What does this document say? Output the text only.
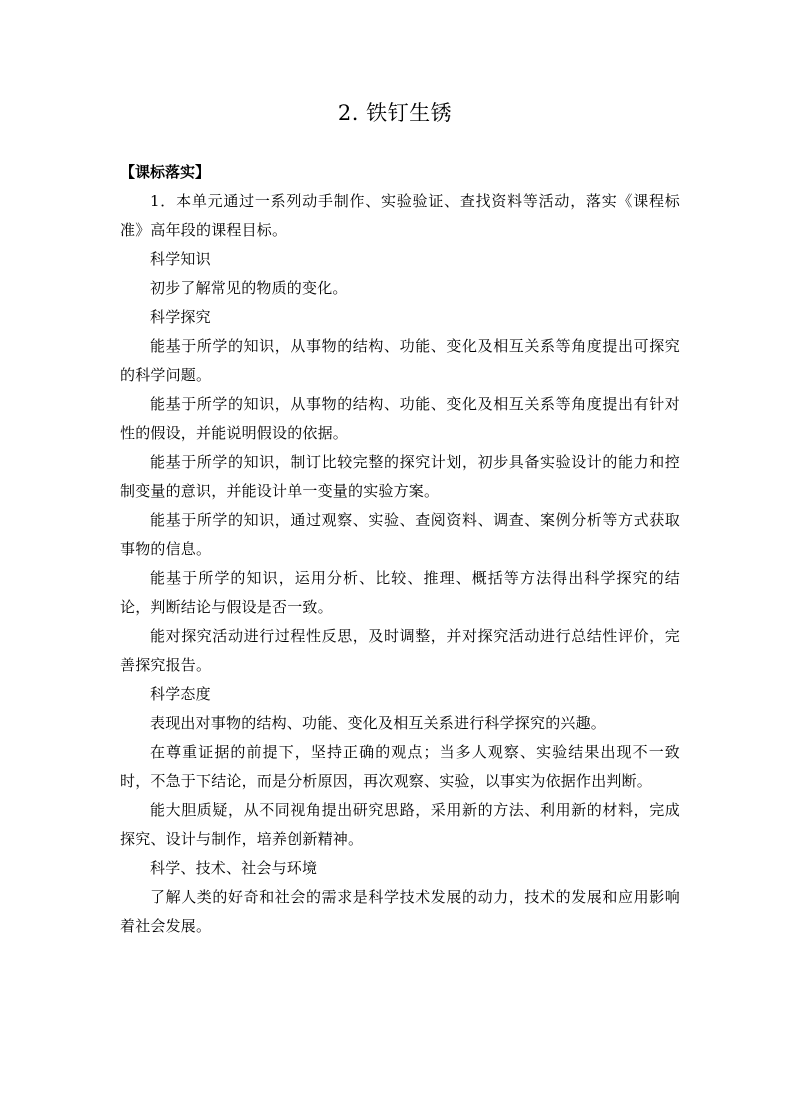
2. 铁钉生锈
【课标落实】

1．本单元通过一系列动手制作、实验验证、查找资料等活动，落实《课程标准》高年段的课程目标。

科学知识

初步了解常见的物质的变化。

科学探究

能基于所学的知识，从事物的结构、功能、变化及相互关系等角度提出可探究的科学问题。

能基于所学的知识，从事物的结构、功能、变化及相互关系等角度提出有针对性的假设，并能说明假设的依据。

能基于所学的知识，制订比较完整的探究计划，初步具备实验设计的能力和控制变量的意识，并能设计单一变量的实验方案。

能基于所学的知识，通过观察、实验、查阅资料、调查、案例分析等方式获取事物的信息。

能基于所学的知识，运用分析、比较、推理、概括等方法得出科学探究的结论，判断结论与假设是否一致。

能对探究活动进行过程性反思，及时调整，并对探究活动进行总结性评价，完善探究报告。

科学态度

表现出对事物的结构、功能、变化及相互关系进行科学探究的兴趣。

在尊重证据的前提下，坚持正确的观点；当多人观察、实验结果出现不一致时，不急于下结论，而是分析原因，再次观察、实验，以事实为依据作出判断。

能大胆质疑，从不同视角提出研究思路，采用新的方法、利用新的材料，完成探究、设计与制作，培养创新精神。

科学、技术、社会与环境

了解人类的好奇和社会的需求是科学技术发展的动力，技术的发展和应用影响着社会发展。
